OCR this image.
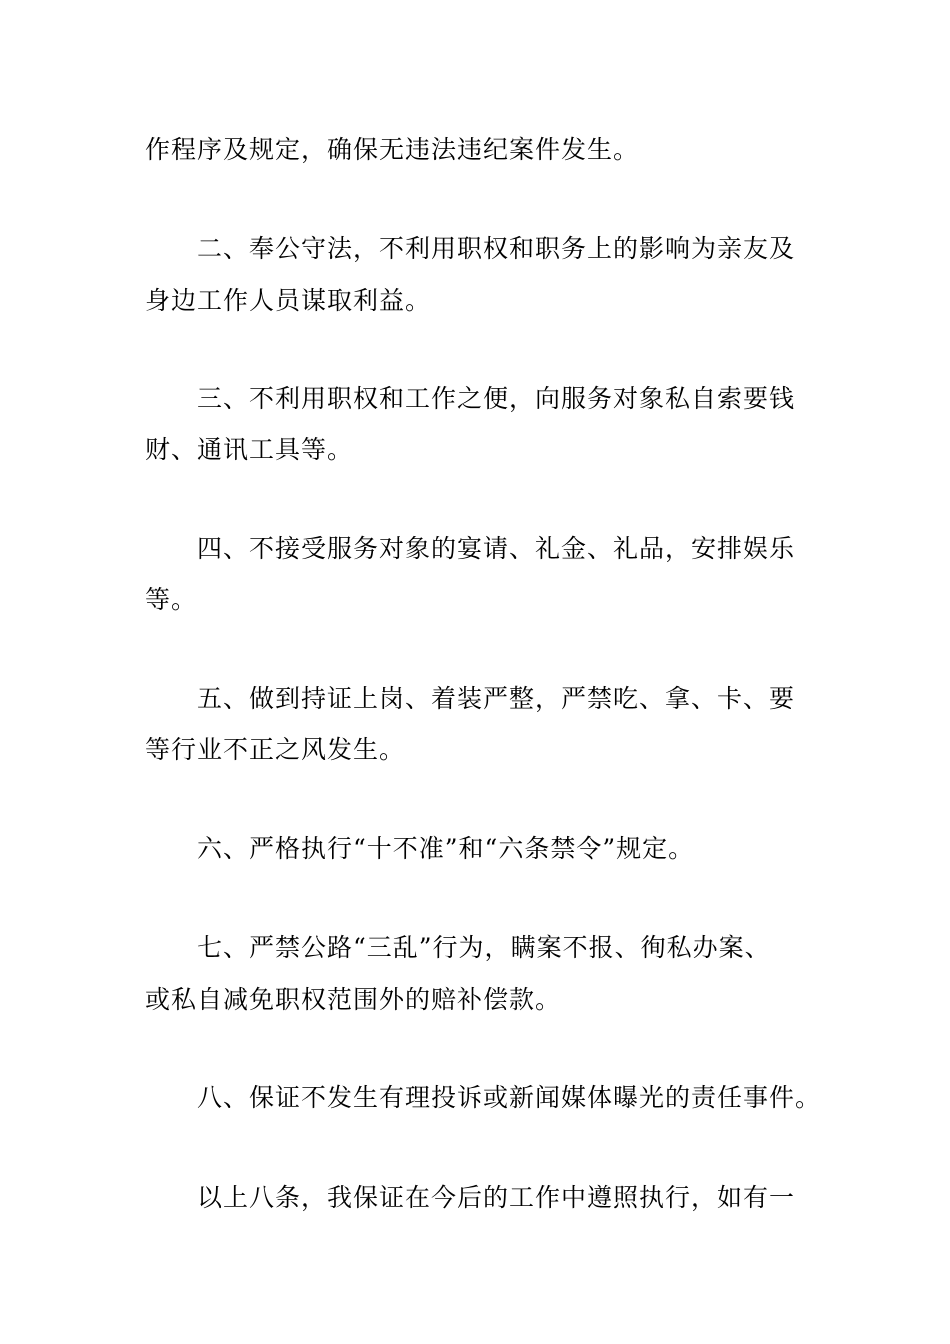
作程序及规定，确保无违法违纪案件发生。
二、奉公守法，不利用职权和职务上的影响为亲友及
身边工作人员谋取利益。
三、不利用职权和工作之便，向服务对象私自索要钱
财、通讯工具等。
四、不接受服务对象的宴请、礼金、礼品，安排娱乐
等。
五、做到持证上岗、着装严整，严禁吃、拿、卡、要
等行业不正之风发生。
六、严格执行“十不准”和“六条禁令”规定。
七、严禁公路“三乱”行为，瞒案不报、徇私办案、
或私自减免职权范围外的赔补偿款。
八、保证不发生有理投诉或新闻媒体曝光的责任事件。
以上八条，我保证在今后的工作中遵照执行，如有一
